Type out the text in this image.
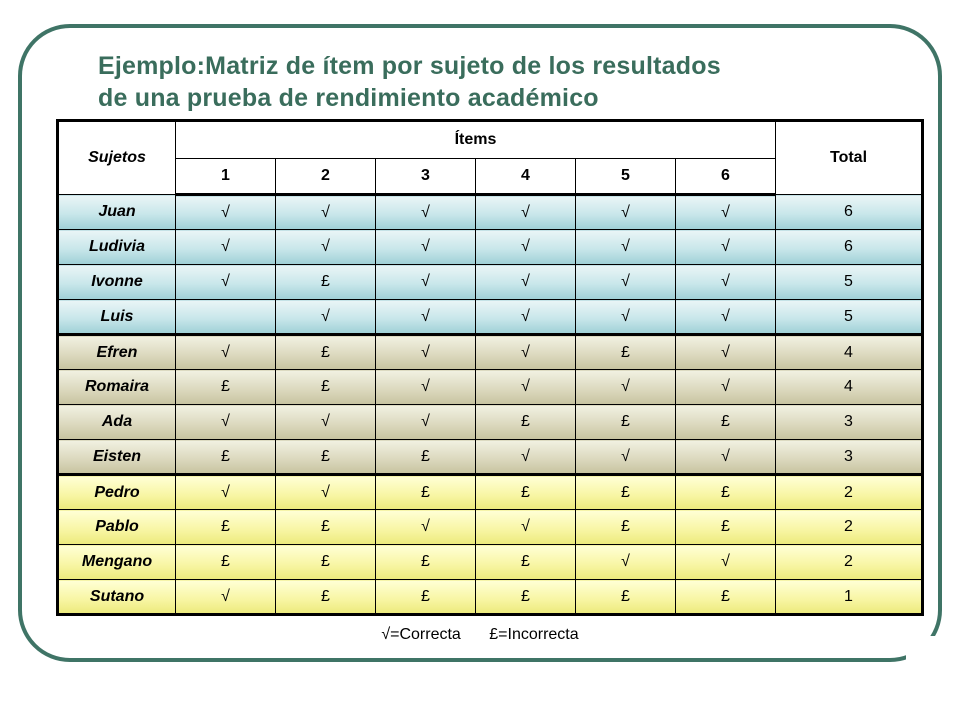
Ejemplo:Matriz de ítem por sujeto de los resultados
de una prueba de rendimiento académico
Sujetos	Ítems						Total
	1	2	3	4	5	6	
Juan	√	√	√	√	√	√	6
Ludivia	√	√	√	√	√	√	6
Ivonne	√	£	√	√	√	√	5
Luis		√	√	√	√	√	5
Efren	√	£	√	√	£	√	4
Romaira	£	£	√	√	√	√	4
Ada	√	√	√	£	£	£	3
Eisten	£	£	£	√	√	√	3
Pedro	√	√	£	£	£	£	2
Pablo	£	£	√	√	£	£	2
Mengano	£	£	£	£	√	√	2
Sutano	√	£	£	£	£	£	1
√=Correcta £=Incorrecta
